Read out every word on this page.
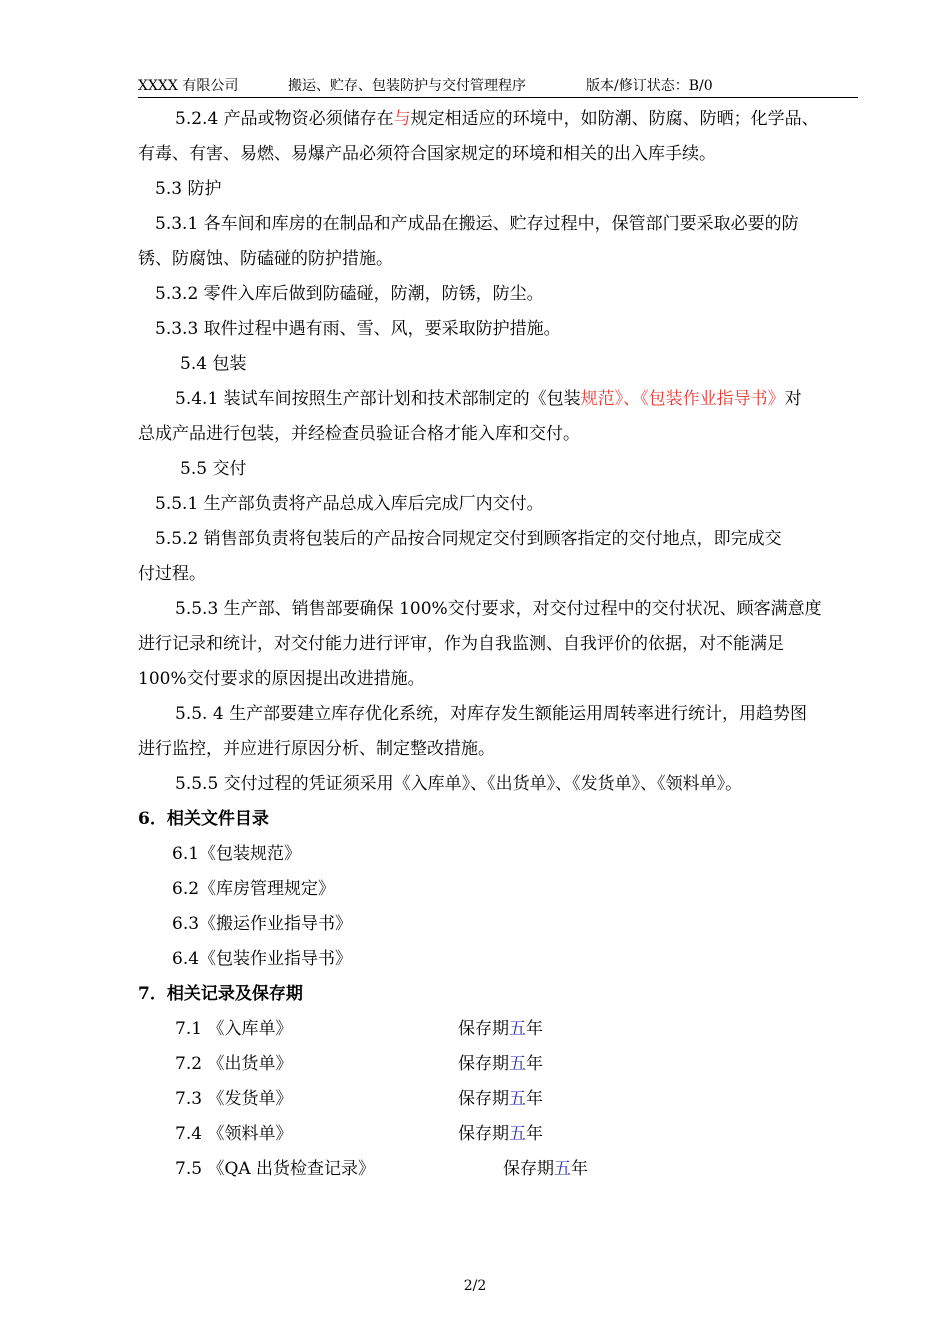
XXXX 有限公司	搬运、贮存、包装防护与交付管理程序	版本/修订状态：B/0
5.2.4 产品或物资必须储存在与规定相适应的环境中，如防潮、防腐、防晒；化学品、
有毒、有害、易燃、易爆产品必须符合国家规定的环境和相关的出入库手续。
5.3 防护
5.3.1 各车间和库房的在制品和产成品在搬运、贮存过程中，保管部门要采取必要的防
锈、防腐蚀、防磕碰的防护措施。
5.3.2 零件入库后做到防磕碰，防潮，防锈，防尘。
5.3.3 取件过程中遇有雨、雪、风，要采取防护措施。
5.4 包装
5.4.1 装试车间按照生产部计划和技术部制定的《包装规范》、《包装作业指导书》对
总成产品进行包装，并经检查员验证合格才能入库和交付。
5.5 交付
5.5.1 生产部负责将产品总成入库后完成厂内交付。
5.5.2 销售部负责将包装后的产品按合同规定交付到顾客指定的交付地点，即完成交
付过程。
5.5.3 生产部、销售部要确保 100%交付要求，对交付过程中的交付状况、顾客满意度
进行记录和统计，对交付能力进行评审，作为自我监测、自我评价的依据，对不能满足
100%交付要求的原因提出改进措施。
5.5. 4 生产部要建立库存优化系统，对库存发生额能运用周转率进行统计，用趋势图
进行监控，并应进行原因分析、制定整改措施。
5.5.5 交付过程的凭证须采用《入库单》、《出货单》、《发货单》、《领料单》。
6．相关文件目录
6.1《包装规范》
6.2《库房管理规定》
6.3《搬运作业指导书》
6.4《包装作业指导书》
7．相关记录及保存期
7.1 《入库单》	保存期五年
7.2 《出货单》	保存期五年
7.3 《发货单》	保存期五年
7.4 《领料单》	保存期五年
7.5 《QA 出货检查记录》	保存期五年
2/2
